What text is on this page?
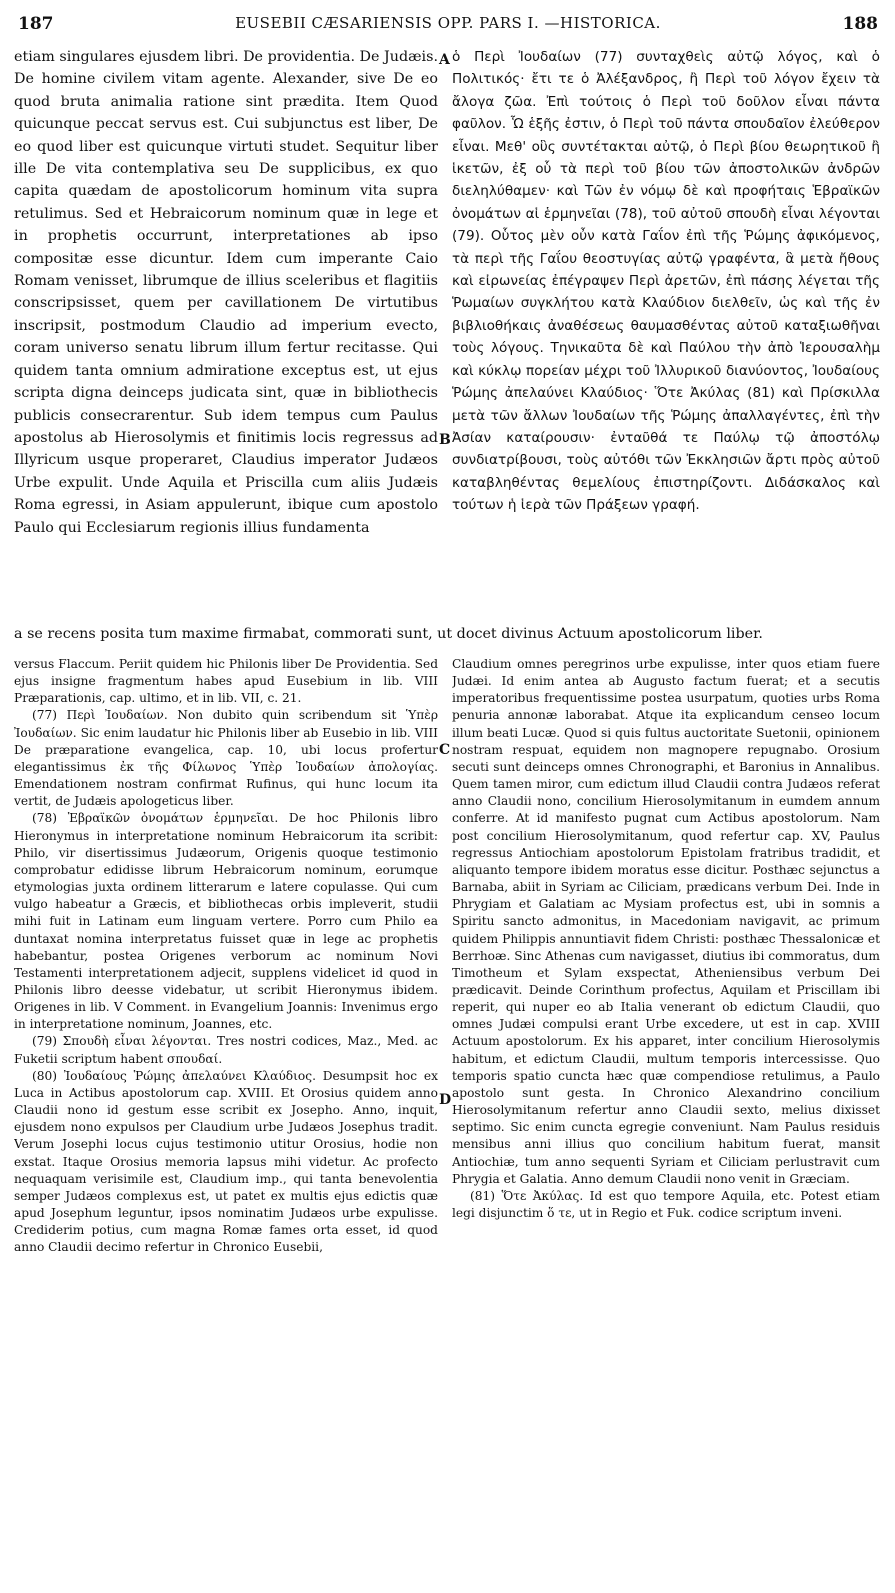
187	EUSEBII CÆSARIENSIS OPP. PARS I. —HISTORICA.	188

etiam singulares ejusdem libri. De providentia. De Judæis. De homine civilem vitam agente. Alexander, sive De eo quod bruta animalia ratione sint prædita. Item Quod quicunque peccat servus est. Cui subjunctus est liber, De eo quod liber est quicunque virtuti studet. Sequitur liber ille De vita contemplativa seu De supplicibus, ex quo capita quædam de apostolicorum hominum vita supra retulimus. Sed et Hebraicorum nominum quæ in lege et in prophetis occurrunt, interpretationes ab ipso compositæ esse dicuntur. Idem cum imperante Caio Romam venisset, librumque de illius sceleribus et flagitiis conscripsisset, quem per cavillationem De virtutibus inscripsit, postmodum Claudio ad imperium evecto, coram universo senatu librum illum fertur recitasse. Qui quidem tanta omnium admiratione exceptus est, ut ejus scripta digna deinceps judicata sint, quæ in bibliothecis publicis consecrarentur. Sub idem tempus cum Paulus apostolus ab Hierosolymis et finitimis locis regressus ad Illyricum usque properaret, Claudius imperator Judæos Urbe expulit. Unde Aquila et Priscilla cum aliis Judæis Roma egressi, in Asiam appulerunt, ibique cum apostolo Paulo qui Ecclesiarum regionis illius fundamenta

A
B
C
D

ὁ Περὶ Ἰουδαίων (77) συνταχθεὶς αὐτῷ λόγος, καὶ ὁ Πολιτικός· ἔτι τε ὁ Ἀλέξανδρος, ἢ Περὶ τοῦ λόγον ἔχειν τὰ ἄλογα ζῶα. Ἐπὶ τούτοις ὁ Περὶ τοῦ δοῦλον εἶναι πάντα φαῦλον. Ὧ ἑξῆς ἐστιν, ὁ Περὶ τοῦ πάντα σπουδαῖον ἐλεύθερον εἶναι. Μεθ' οὓς συντέτακται αὐτῷ, ὁ Περὶ βίου θεωρητικοῦ ἢ ἱκετῶν, ἐξ οὗ τὰ περὶ τοῦ βίου τῶν ἀποστολικῶν ἀνδρῶν διεληλύθαμεν· καὶ Τῶν ἐν νόμῳ δὲ καὶ προφήταις Ἑβραϊκῶν ὀνομάτων αἱ ἑρμηνεῖαι (78), τοῦ αὐτοῦ σπουδὴ εἶναι λέγονται (79). Οὗτος μὲν οὖν κατὰ Γαΐον ἐπὶ τῆς Ῥώμης ἀφικόμενος, τὰ περὶ τῆς Γαΐου θεοστυγίας αὐτῷ γραφέντα, ἃ μετὰ ἤθους καὶ εἰρωνείας ἐπέγραψεν Περὶ ἀρετῶν, ἐπὶ πάσης λέγεται τῆς Ῥωμαίων συγκλήτου κατὰ Κλαύδιον διελθεῖν, ὡς καὶ τῆς ἐν βιβλιοθήκαις ἀναθέσεως θαυμασθέντας αὐτοῦ καταξιωθῆναι τοὺς λόγους. Τηνικαῦτα δὲ καὶ Παύλου τὴν ἀπὸ Ἱερουσαλὴμ καὶ κύκλῳ πορείαν μέχρι τοῦ Ἰλλυρικοῦ διανύοντος, Ἰουδαίους Ῥώμης ἀπελαύνει Κλαύδιος· Ὅτε Ἀκύλας (81) καὶ Πρίσκιλλα μετὰ τῶν ἄλλων Ἰουδαίων τῆς Ῥώμης ἀπαλλαγέντες, ἐπὶ τὴν Ἀσίαν καταίρουσιν· ἐνταῦθά τε Παύλῳ τῷ ἀποστόλῳ συνδιατρίβουσι, τοὺς αὐτόθι τῶν Ἐκκλησιῶν ἄρτι πρὸς αὐτοῦ καταβληθέντας θεμελίους ἐπιστηρίζοντι. Διδάσκαλος καὶ τούτων ἡ ἱερὰ τῶν Πράξεων γραφή.

a se recens posita tum maxime firmabat, commorati sunt, ut docet divinus Actuum apostolicorum liber.

versus Flaccum. Periit quidem hic Philonis liber De Providentia. Sed ejus insigne fragmentum habes apud Eusebium in lib. VIII Præparationis, cap. ultimo, et in lib. VII, c. 21.

(77) Περὶ Ἰουδαίων. Non dubito quin scribendum sit Ὑπὲρ Ἰουδαίων. Sic enim laudatur hic Philonis liber ab Eusebio in lib. VIII De præparatione evangelica, cap. 10, ubi locus profertur elegantissimus ἐκ τῆς Φίλωνος Ὑπὲρ Ἰουδαίων ἀπολογίας. Emendationem nostram confirmat Rufinus, qui hunc locum ita vertit, de Judæis apologeticus liber.

(78) Ἑβραϊκῶν ὀνομάτων ἑρμηνεῖαι. De hoc Philonis libro Hieronymus in interpretatione nominum Hebraicorum ita scribit: Philo, vir disertissimus Judæorum, Origenis quoque testimonio comprobatur edidisse librum Hebraicorum nominum, eorumque etymologias juxta ordinem litterarum e latere copulasse. Qui cum vulgo habeatur a Græcis, et bibliothecas orbis impleverit, studii mihi fuit in Latinam eum linguam vertere. Porro cum Philo ea duntaxat nomina interpretatus fuisset quæ in lege ac prophetis habebantur, postea Origenes verborum ac nominum Novi Testamenti interpretationem adjecit, supplens videlicet id quod in Philonis libro deesse videbatur, ut scribit Hieronymus ibidem. Origenes in lib. V Comment. in Evangelium Joannis: Invenimus ergo in interpretatione nominum, Joannes, etc.

(79) Σπουδὴ εἶναι λέγονται. Tres nostri codices, Maz., Med. ac Fuketii scriptum habent σπουδαί.

(80) Ἰουδαίους Ῥώμης ἀπελαύνει Κλαύδιος. Desumpsit hoc ex Luca in Actibus apostolorum cap. XVIII. Et Orosius quidem anno Claudii nono id gestum esse scribit ex Josepho. Anno, inquit, ejusdem nono expulsos per Claudium urbe Judæos Josephus tradit. Verum Josephi locus cujus testimonio utitur Orosius, hodie non exstat. Itaque Orosius memoria lapsus mihi videtur. Ac profecto nequaquam verisimile est, Claudium imp., qui tanta benevolentia semper Judæos complexus est, ut patet ex multis ejus edictis quæ apud Josephum leguntur, ipsos nominatim Judæos urbe expulisse. Crediderim potius, cum magna Romæ fames orta esset, id quod anno Claudii decimo refertur in Chronico Eusebii,

Claudium omnes peregrinos urbe expulisse, inter quos etiam fuere Judæi. Id enim antea ab Augusto factum fuerat; et a secutis imperatoribus frequentissime postea usurpatum, quoties urbs Roma penuria annonæ laborabat. Atque ita explicandum censeo locum illum beati Lucæ. Quod si quis fultus auctoritate Suetonii, opinionem nostram respuat, equidem non magnopere repugnabo. Orosium secuti sunt deinceps omnes Chronographi, et Baronius in Annalibus. Quem tamen miror, cum edictum illud Claudii contra Judæos referat anno Claudii nono, concilium Hierosolymitanum in eumdem annum conferre. At id manifesto pugnat cum Actibus apostolorum. Nam post concilium Hierosolymitanum, quod refertur cap. XV, Paulus regressus Antiochiam apostolorum Epistolam fratribus tradidit, et aliquanto tempore ibidem moratus esse dicitur. Posthæc sejunctus a Barnaba, abiit in Syriam ac Ciliciam, prædicans verbum Dei. Inde in Phrygiam et Galatiam ac Mysiam profectus est, ubi in somnis a Spiritu sancto admonitus, in Macedoniam navigavit, ac primum quidem Philippis annuntiavit fidem Christi: posthæc Thessalonicæ et Berrhoæ. Sinc Athenas cum navigasset, diutius ibi commoratus, dum Timotheum et Sylam exspectat, Atheniensibus verbum Dei prædicavit. Deinde Corinthum profectus, Aquilam et Priscillam ibi reperit, qui nuper eo ab Italia venerant ob edictum Claudii, quo omnes Judæi compulsi erant Urbe excedere, ut est in cap. XVIII Actuum apostolorum. Ex his apparet, inter concilium Hierosolymis habitum, et edictum Claudii, multum temporis intercessisse. Quo temporis spatio cuncta hæc quæ compendiose retulimus, a Paulo apostolo sunt gesta. In Chronico Alexandrino concilium Hierosolymitanum refertur anno Claudii sexto, melius dixisset septimo. Sic enim cuncta egregie conveniunt. Nam Paulus residuis mensibus anni illius quo concilium habitum fuerat, mansit Antiochiæ, tum anno sequenti Syriam et Ciliciam perlustravit cum Phrygia et Galatia. Anno demum Claudii nono venit in Græciam.

(81) Ὅτε Ἀκύλας. Id est quo tempore Aquila, etc. Potest etiam legi disjunctim ὅ τε, ut in Regio et Fuk. codice scriptum inveni.
